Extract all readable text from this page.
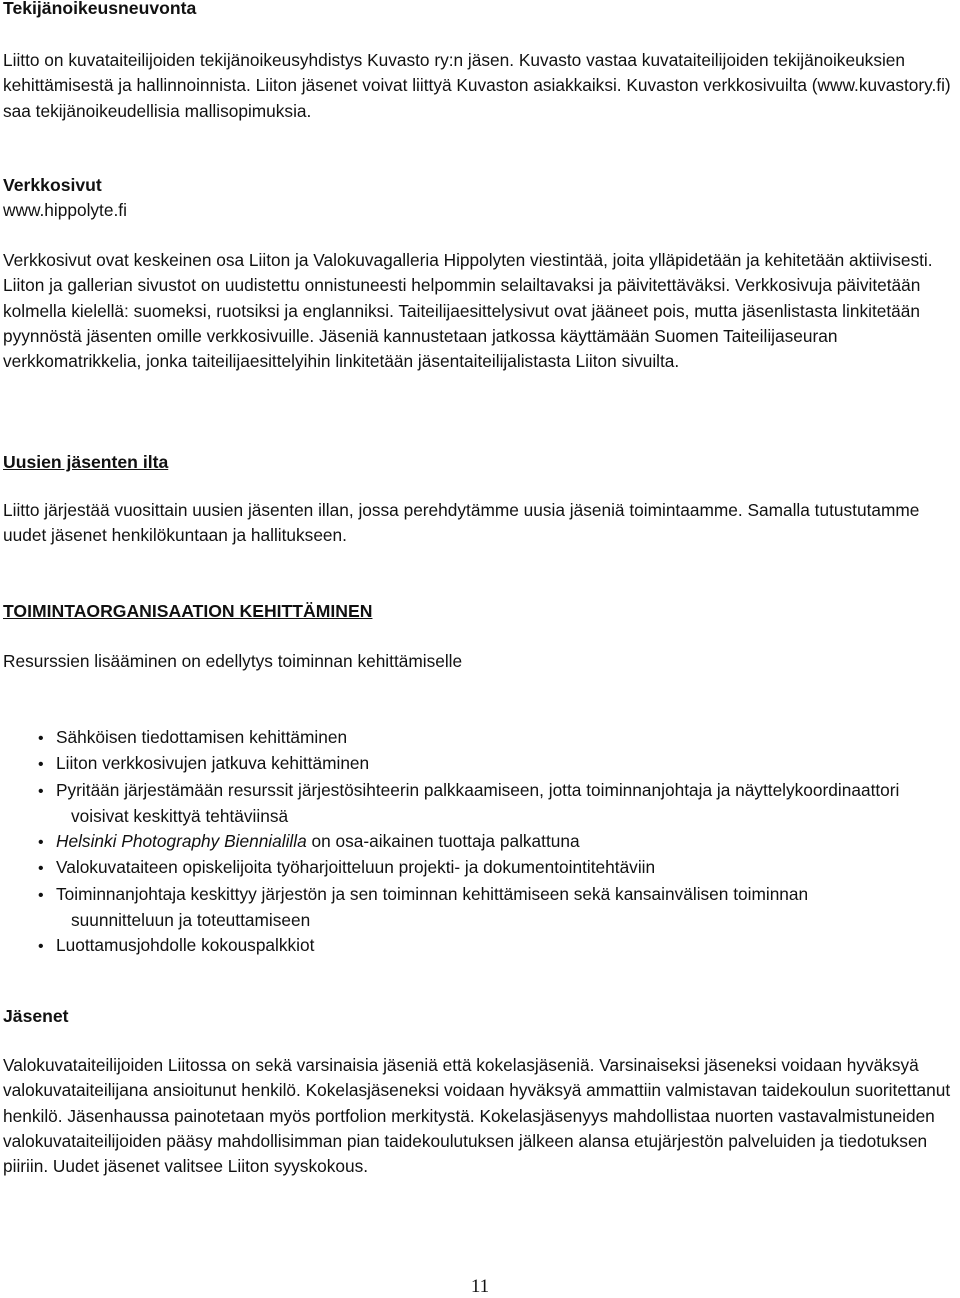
Tekijänoikeusneuvonta

Liitto on kuvataiteilijoiden tekijänoikeusyhdistys Kuvasto ry:n jäsen. Kuvasto vastaa kuvataiteilijoiden tekijänoikeuksien kehittämisestä ja hallinnoinnista. Liiton jäsenet voivat liittyä Kuvaston asiakkaiksi. Kuvaston verkkosivuilta (www.kuvastory.fi) saa tekijänoikeudellisia mallisopimuksia.

Verkkosivut

www.hippolyte.fi

Verkkosivut ovat keskeinen osa Liiton ja Valokuvagalleria Hippolyten viestintää, joita ylläpidetään ja kehitetään aktiivisesti. Liiton ja gallerian sivustot on uudistettu onnistuneesti helpommin selailtavaksi ja päivitettäväksi. Verkkosivuja päivitetään kolmella kielellä: suomeksi, ruotsiksi ja englanniksi. Taiteilijaesittelysivut ovat jääneet pois, mutta jäsenlistasta linkitetään pyynnöstä jäsenten omille verkkosivuille. Jäseniä kannustetaan jatkossa käyttämään Suomen Taiteilijaseuran verkkomatrikkelia, jonka taiteilijaesittelyihin linkitetään jäsentaiteilijalistasta Liiton sivuilta.

Uusien jäsenten ilta

Liitto järjestää vuosittain uusien jäsenten illan, jossa perehdytämme uusia jäseniä toimintaamme. Samalla tutustutamme uudet jäsenet henkilökuntaan ja hallitukseen.

TOIMINTAORGANISAATION KEHITTÄMINEN

Resurssien lisääminen on edellytys toiminnan kehittämiselle

• Sähköisen tiedottamisen kehittäminen
• Liiton verkkosivujen jatkuva kehittäminen
• Pyritään järjestämään resurssit järjestösihteerin palkkaamiseen, jotta toiminnanjohtaja ja näyttelykoordinaattori voisivat keskittyä tehtäviinsä
• Helsinki Photography Biennialilla on osa-aikainen tuottaja palkattuna
• Valokuvataiteen opiskelijoita työharjoitteluun projekti- ja dokumentointitehtäviin
• Toiminnanjohtaja keskittyy järjestön ja sen toiminnan kehittämiseen sekä kansainvälisen toiminnan suunnitteluun ja toteuttamiseen
• Luottamusjohdolle kokouspalkkiot
Jäsenet

Valokuvataiteilijoiden Liitossa on sekä varsinaisia jäseniä että kokelasjäseniä. Varsinaiseksi jäseneksi voidaan hyväksyä valokuvataiteilijana ansioitunut henkilö. Kokelasjäseneksi voidaan hyväksyä ammattiin valmistavan taidekoulun suoritettanut henkilö. Jäsenhaussa painotetaan myös portfolion merkitystä. Kokelasjäsenyys mahdollistaa nuorten vastavalmistuneiden valokuvataiteilijoiden pääsy mahdollisimman pian taidekoulutuksen jälkeen alansa etujärjestön palveluiden ja tiedotuksen piiriin. Uudet jäsenet valitsee Liiton syyskokous.

11
